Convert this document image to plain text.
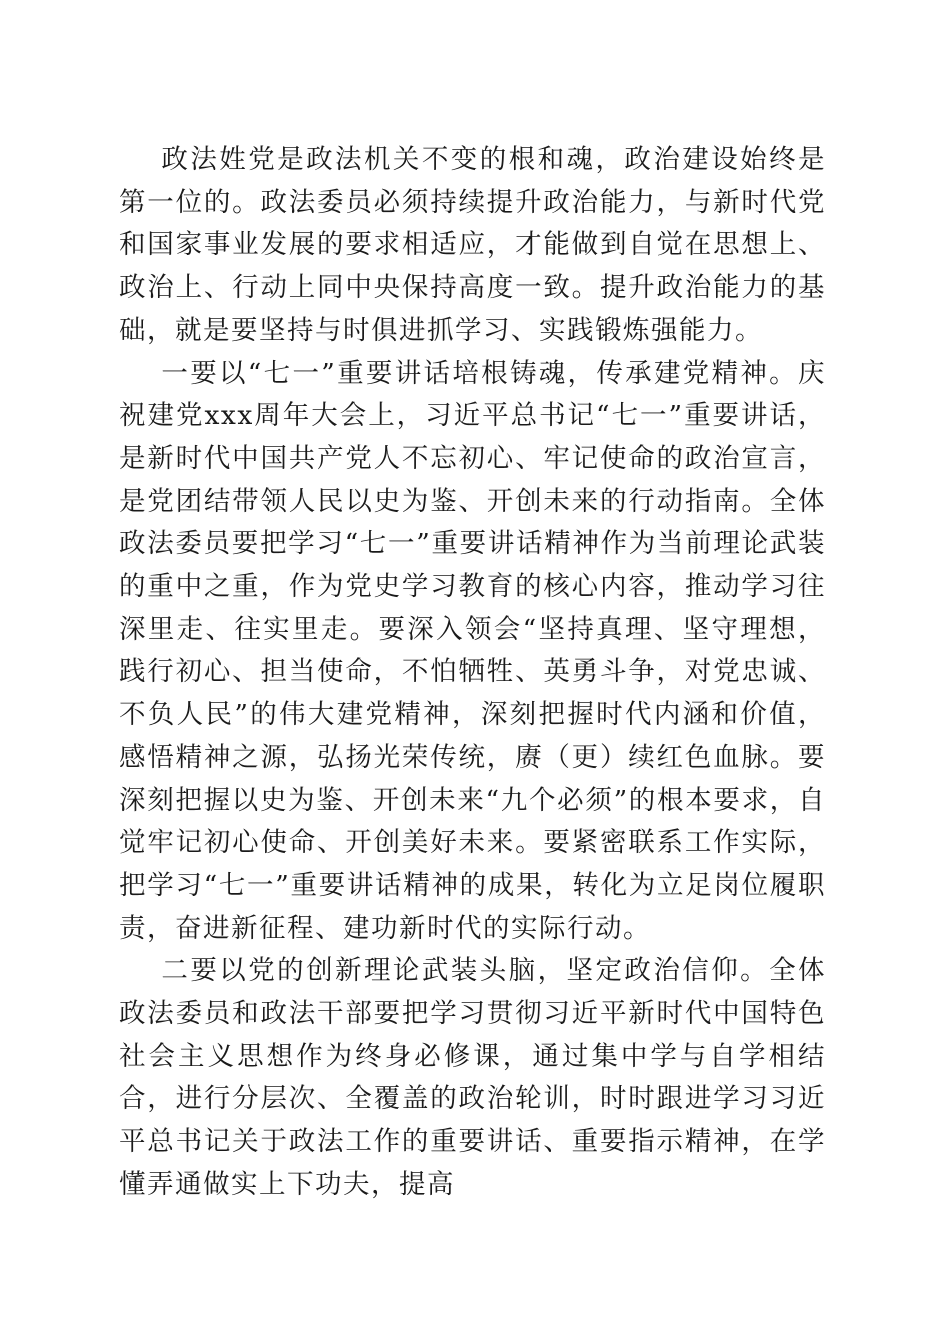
政法姓党是政法机关不变的根和魂，政治建设始终是第一位的。政法委员必须持续提升政治能力，与新时代党和国家事业发展的要求相适应，才能做到自觉在思想上、政治上、行动上同中央保持高度一致。提升政治能力的基础，就是要坚持与时俱进抓学习、实践锻炼强能力。

一要以“七一”重要讲话培根铸魂，传承建党精神。庆祝建党xxx周年大会上，习近平总书记“七一”重要讲话，是新时代中国共产党人不忘初心、牢记使命的政治宣言，是党团结带领人民以史为鉴、开创未来的行动指南。全体政法委员要把学习“七一”重要讲话精神作为当前理论武装的重中之重，作为党史学习教育的核心内容，推动学习往深里走、往实里走。要深入领会“坚持真理、坚守理想，践行初心、担当使命，不怕牺牲、英勇斗争，对党忠诚、不负人民”的伟大建党精神，深刻把握时代内涵和价值，感悟精神之源，弘扬光荣传统，赓（更）续红色血脉。要深刻把握以史为鉴、开创未来“九个必须”的根本要求，自觉牢记初心使命、开创美好未来。要紧密联系工作实际，把学习“七一”重要讲话精神的成果，转化为立足岗位履职责，奋进新征程、建功新时代的实际行动。

二要以党的创新理论武装头脑，坚定政治信仰。全体政法委员和政法干部要把学习贯彻习近平新时代中国特色社会主义思想作为终身必修课，通过集中学与自学相结合，进行分层次、全覆盖的政治轮训，时时跟进学习习近平总书记关于政法工作的重要讲话、重要指示精神，在学懂弄通做实上下功夫，提高
